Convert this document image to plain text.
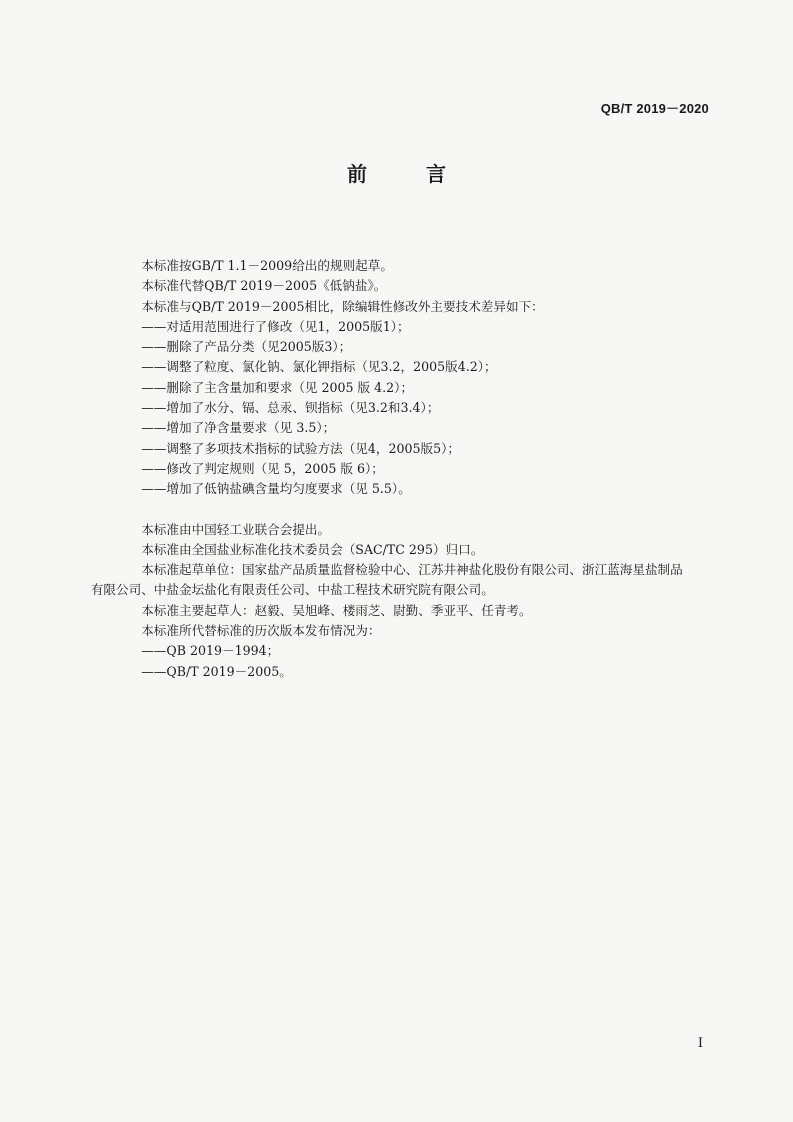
QB/T 2019－2020
前 言

本标准按GB/T 1.1－2009给出的规则起草。

本标准代替QB/T 2019－2005《低钠盐》。

本标准与QB/T 2019－2005相比，除编辑性修改外主要技术差异如下：

——对适用范围进行了修改（见1，2005版1）；

——删除了产品分类（见2005版3）；

——调整了粒度、氯化钠、氯化钾指标（见3.2，2005版4.2）；

——删除了主含量加和要求（见 2005 版 4.2）；

——增加了水分、镉、总汞、钡指标（见3.2和3.4）；

——增加了净含量要求（见 3.5）；

——调整了多项技术指标的试验方法（见4，2005版5）；

——修改了判定规则（见 5，2005 版 6）；

——增加了低钠盐碘含量均匀度要求（见 5.5）。

本标准由中国轻工业联合会提出。

本标准由全国盐业标准化技术委员会（SAC/TC 295）归口。

本标准起草单位：国家盐产品质量监督检验中心、江苏井神盐化股份有限公司、浙江蓝海星盐制品
有限公司、中盐金坛盐化有限责任公司、中盐工程技术研究院有限公司。

本标准主要起草人：赵毅、吴旭峰、楼雨芝、尉勤、季亚平、任青考。

本标准所代替标准的历次版本发布情况为：

——QB 2019－1994；

——QB/T 2019－2005。

I
